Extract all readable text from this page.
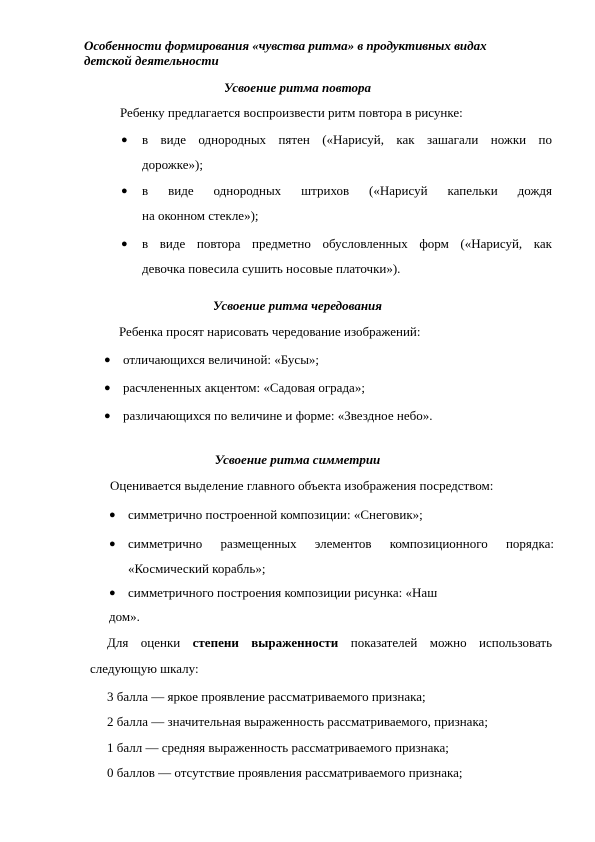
Особенности формирования «чувства ритма» в продуктивных видах детской деятельности
Усвоение ритма повтора
Ребенку предлагается воспроизвести ритм повтора в рисунке:
● в виде однородных пятен («Нарисуй, как зашагали ножки по
дорожке»);
● в виде однородных штрихов («Нарисуй капельки дождя
на оконном стекле»);
● в виде повтора предметно обусловленных форм («Нарисуй, как
девочка повесила сушить носовые платочки»).
Усвоение ритма чередования
Ребенка просят нарисовать чередование изображений:
● отличающихся величиной: «Бусы»;
● расчлененных акцентом: «Садовая ограда»;
● различающихся по величине и форме: «Звездное небо».
Усвоение ритма симметрии
Оценивается выделение главного объекта изображения посредством:
● симметрично построенной композиции: «Снеговик»;
● симметрично размещенных элементов композиционного порядка:
«Космический корабль»;
● симметричного построения композиции рисунка: «Наш
дом».
Для оценки степени выраженности показателей можно использовать
следующую шкалу:
3 балла — яркое проявление рассматриваемого признака;
2 балла — значительная выраженность рассматриваемого, признака;
1 балл — средняя выраженность рассматриваемого признака;
0 баллов — отсутствие проявления рассматриваемого признака;
